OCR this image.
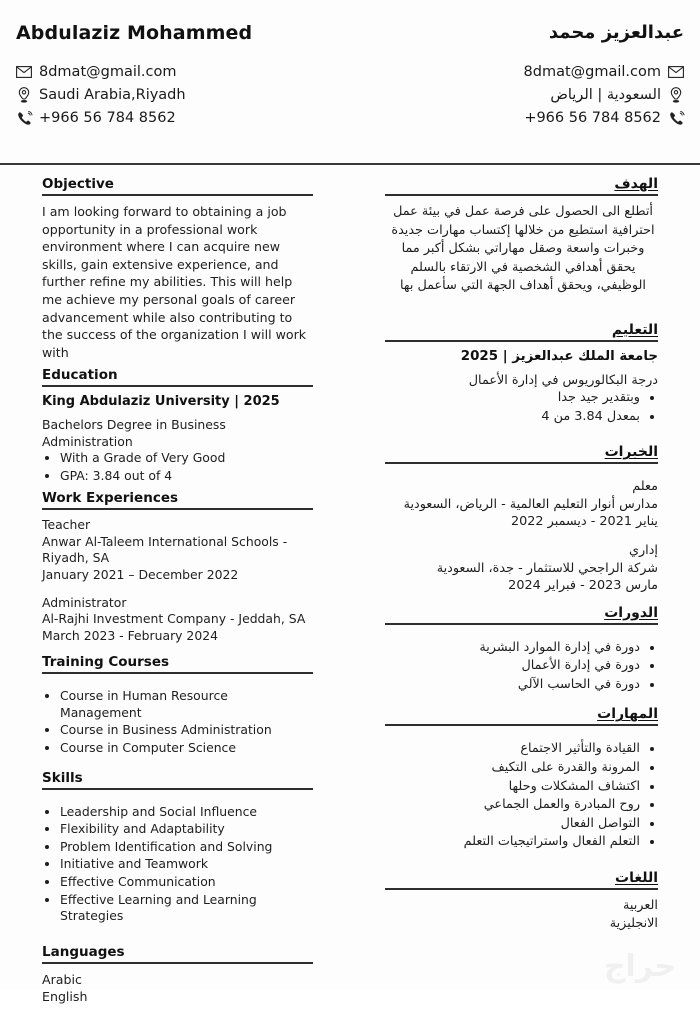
Abdulaziz Mohammed	عبدالعزيز محمد
8dmat@gmail.com
Saudi Arabia,Riyadh
+966 56 784 8562
8dmat@gmail.com
السعودية | الرياض
+966 56 784 8562
Objective

I am looking forward to obtaining a job opportunity in a professional work environment where I can acquire new skills, gain extensive experience, and further refine my abilities. This will help me achieve my personal goals of career advancement while also contributing to the success of the organization I will work with

Education

King Abdulaziz University | 2025

Bachelors Degree in Business Administration

• With a Grade of Very Good
• GPA: 3.84 out of 4
Work Experiences

Teacher

Anwar Al-Taleem International Schools - Riyadh, SA

January 2021 – December 2022

Administrator

Al-Rajhi Investment Company - Jeddah, SA

March 2023 - February 2024

Training Courses
• Course in Human Resource Management
• Course in Business Administration
• Course in Computer Science
Skills
• Leadership and Social Influence
• Flexibility and Adaptability
• Problem Identification and Solving
• Initiative and Teamwork
• Effective Communication
• Effective Learning and Learning Strategies
Languages

Arabic

English

الهدف

أتطلع الى الحصول على فرصة عمل في بيئة عمل احترافية استطيع من خلالها إكتساب مهارات جديدة وخبرات واسعة وصقل مهاراتي بشكل أكبر مما يحقق أهدافي الشخصية في الارتقاء بالسلم الوظيفي، ويحقق أهداف الجهة التي سأعمل بها

التعليم

جامعة الملك عبدالعزيز | 2025

درجة البكالوريوس في إدارة الأعمال

• وبتقدير جيد جدا
• بمعدل 3.84 من 4
الخبرات

معلم

مدارس أنوار التعليم العالمية - الرياض، السعودية

يناير 2021 - ديسمبر 2022

إداري

شركة الراجحي للاستثمار - جدة، السعودية

مارس 2023 - فبراير 2024

الدورات
• دورة في إدارة الموارد البشرية
• دورة في إدارة الأعمال
• دورة في الحاسب الآلي
المهارات
• القيادة والتأثير الاجتماع
• المرونة والقدرة على التكيف
• اكتشاف المشكلات وحلها
• روح المبادرة والعمل الجماعي
• التواصل الفعال
• التعلم الفعال واستراتيجيات التعلم
اللغات

العربية

الانجليزية

حراج
